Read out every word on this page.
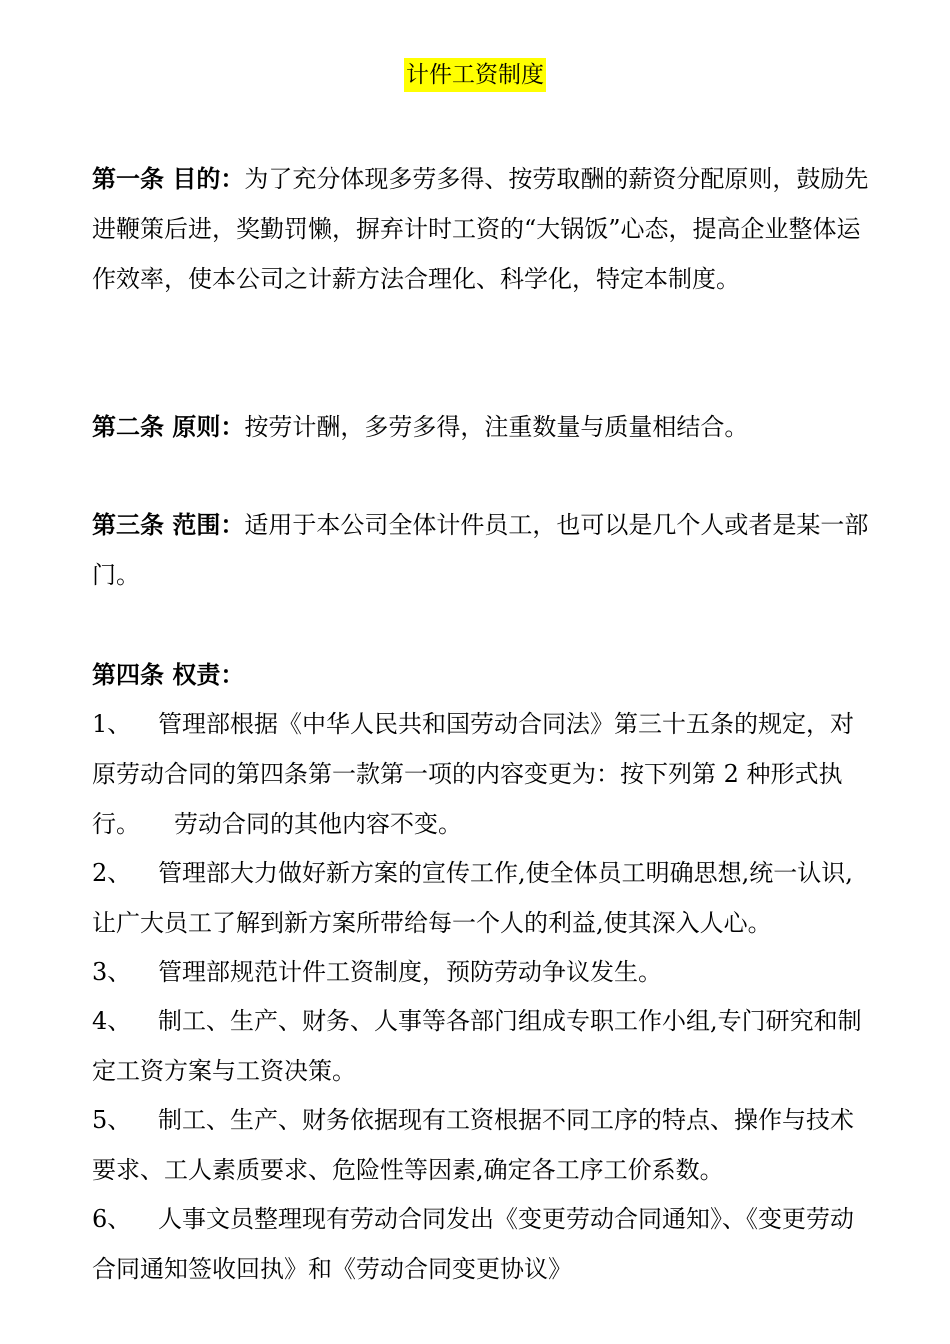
计件工资制度
第一条 目的：为了充分体现多劳多得、按劳取酬的薪资分配原则，鼓励先进鞭策后进，奖勤罚懒，摒弃计时工资的“大锅饭”心态，提高企业整体运作效率，使本公司之计薪方法合理化、科学化，特定本制度。
第二条 原则：按劳计酬，多劳多得，注重数量与质量相结合。
第三条 范围：适用于本公司全体计件员工，也可以是几个人或者是某一部门。
第四条 权责：
1、 管理部根据《中华人民共和国劳动合同法》第三十五条的规定，对原劳动合同的第四条第一款第一项的内容变更为：按下列第 2 种形式执行。 劳动合同的其他内容不变。
2、 管理部大力做好新方案的宣传工作,使全体员工明确思想,统一认识,让广大员工了解到新方案所带给每一个人的利益,使其深入人心。
3、 管理部规范计件工资制度，预防劳动争议发生。
4、 制工、生产、财务、人事等各部门组成专职工作小组,专门研究和制定工资方案与工资决策。
5、 制工、生产、财务依据现有工资根据不同工序的特点、操作与技术要求、工人素质要求、危险性等因素,确定各工序工价系数。
6、 人事文员整理现有劳动合同发出《变更劳动合同通知》、《变更劳动合同通知签收回执》和《劳动合同变更协议》
